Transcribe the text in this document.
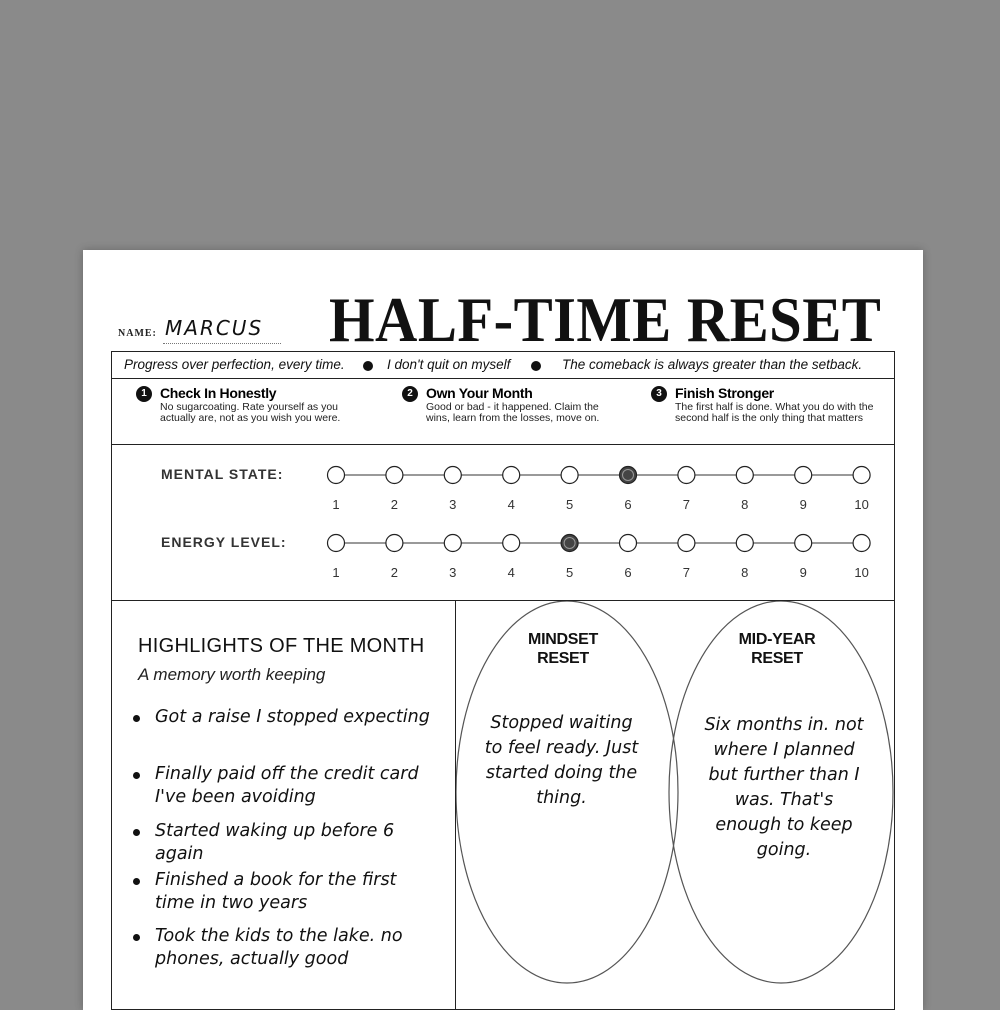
NAME: MARCUS HALF-TIME RESET
Progress over perfection, every time.	I don't quit on myself	The comeback is always greater than the setback.
1 Check In Honestly
No sugarcoating. Rate yourself as you actually are, not as you wish you were.
2 Own Your Month
Good or bad - it happened. Claim the wins, learn from the losses, move on.
3 Finish Stronger
The first half is done. What you do with the second half is the only thing that matters
MENTAL STATE:
ENERGY LEVEL:
1	2	3	4	5	6	7	8	9	10
1	2	3	4	5	6	7	8	9	10
HIGHLIGHTS OF THE MONTH
A memory worth keeping
Got a raise I stopped expecting
Finally paid off the credit card I've been avoiding
Started waking up before 6 again
Finished a book for the first time in two years
Took the kids to the lake. no phones, actually good
MINDSET
RESET
MID-YEAR
RESET
Stopped waiting to feel ready. Just started doing the thing.
Six months in. not where I planned but further than I was. That's enough to keep going.
